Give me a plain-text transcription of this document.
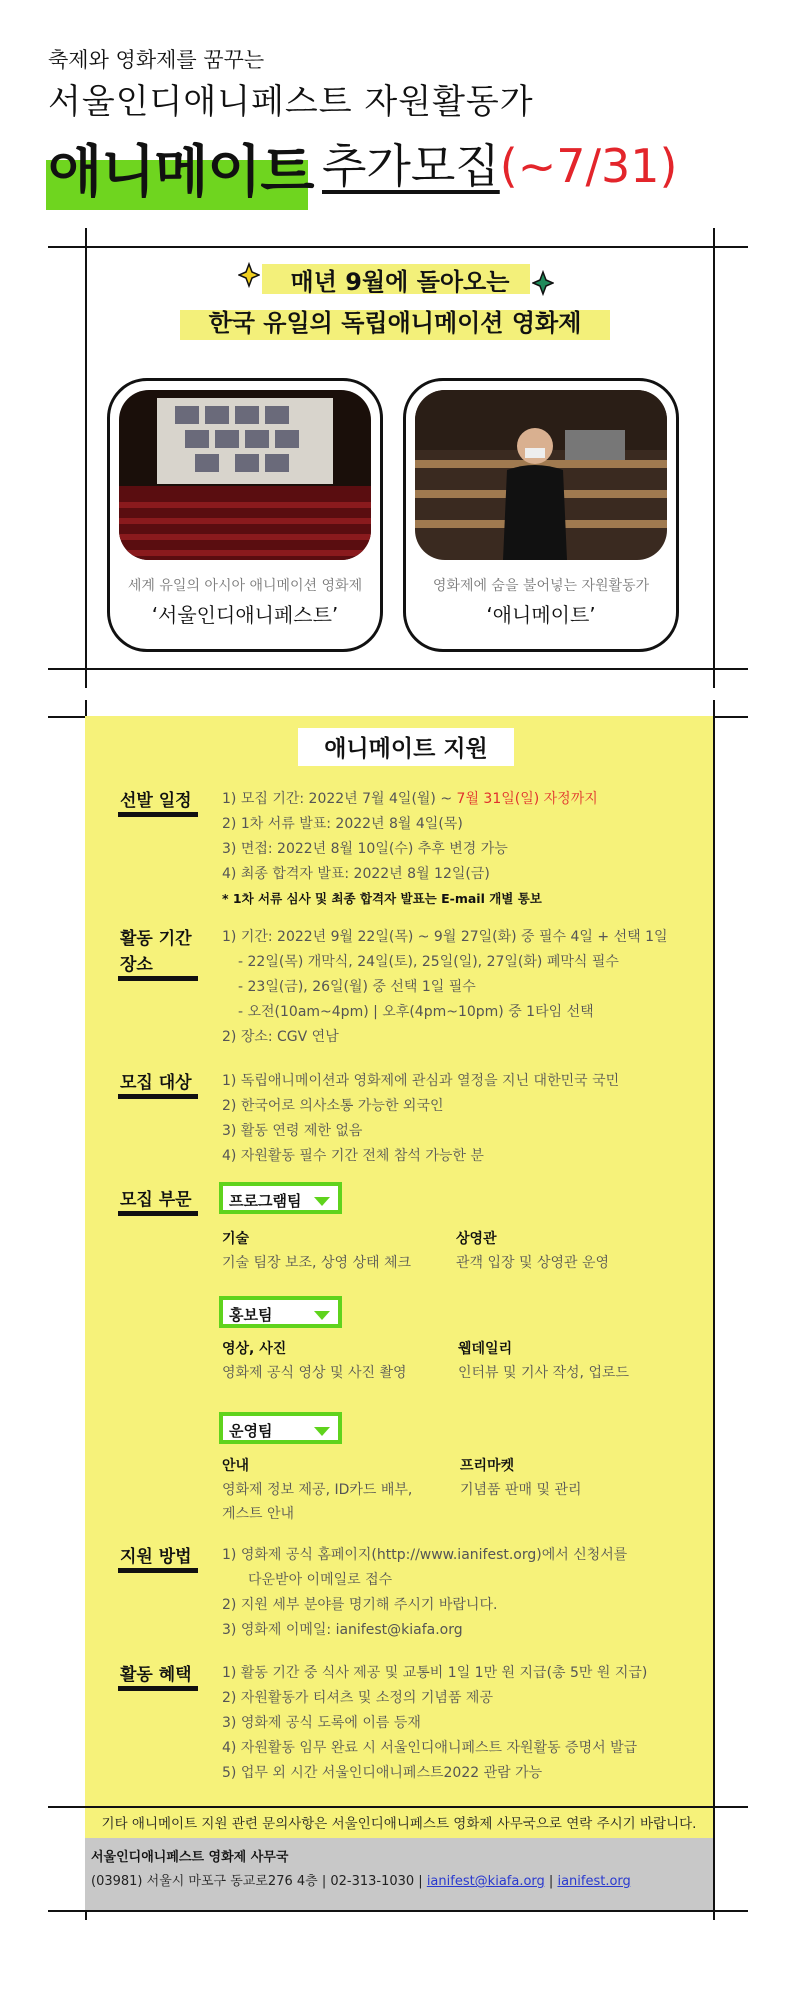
축제와 영화제를 꿈꾸는
서울인디애니페스트 자원활동가
애니메이트 추가모집(~7/31)
매년 9월에 돌아오는
한국 유일의 독립애니메이션 영화제
세계 유일의 아시아 애니메이션 영화제
‘서울인디애니페스트’
영화제에 숨을 불어넣는 자원활동가
‘애니메이트’
애니메이트 지원
선발 일정 1) 모집 기간: 2022년 7월 4일(월) ~ 7월 31일(일) 자정까지
2) 1차 서류 발표: 2022년 8월 4일(목)
3) 면접: 2022년 8월 10일(수) 추후 변경 가능
4) 최종 합격자 발표: 2022년 8월 12일(금)
* 1차 서류 심사 및 최종 합격자 발표는 E-mail 개별 통보
활동 기간
장소
1) 기간: 2022년 9월 22일(목) ~ 9월 27일(화) 중 필수 4일 + 선택 1일
- 22일(목) 개막식, 24일(토), 25일(일), 27일(화) 폐막식 필수
- 23일(금), 26일(월) 중 선택 1일 필수
- 오전(10am~4pm) | 오후(4pm~10pm) 중 1타임 선택
2) 장소: CGV 연남
모집 대상 1) 독립애니메이션과 영화제에 관심과 열정을 지닌 대한민국 국민
2) 한국어로 의사소통 가능한 외국인
3) 활동 연령 제한 없음
4) 자원활동 필수 기간 전체 참석 가능한 분
모집 부문 프로그램팀
기술
기술 팀장 보조, 상영 상태 체크
상영관
관객 입장 및 상영관 운영
홍보팀
영상, 사진
영화제 공식 영상 및 사진 촬영
웹데일리
인터뷰 및 기사 작성, 업로드
운영팀
안내
영화제 정보 제공, ID카드 배부,
게스트 안내
프리마켓
기념품 판매 및 관리
지원 방법 1) 영화제 공식 홈페이지(http://www.ianifest.org)에서 신청서를
다운받아 이메일로 접수
2) 지원 세부 분야를 명기해 주시기 바랍니다.
3) 영화제 이메일: ianifest@kiafa.org
활동 혜택 1) 활동 기간 중 식사 제공 및 교통비 1일 1만 원 지급(총 5만 원 지급)
2) 자원활동가 티셔츠 및 소정의 기념품 제공
3) 영화제 공식 도록에 이름 등재
4) 자원활동 임무 완료 시 서울인디애니페스트 자원활동 증명서 발급
5) 업무 외 시간 서울인디애니페스트2022 관람 가능
기타 애니메이트 지원 관련 문의사항은 서울인디애니페스트 영화제 사무국으로 연락 주시기 바랍니다.
서울인디애니페스트 영화제 사무국
(03981) 서울시 마포구 동교로276 4층 | 02-313-1030 | ianifest@kiafa.org | ianifest.org
